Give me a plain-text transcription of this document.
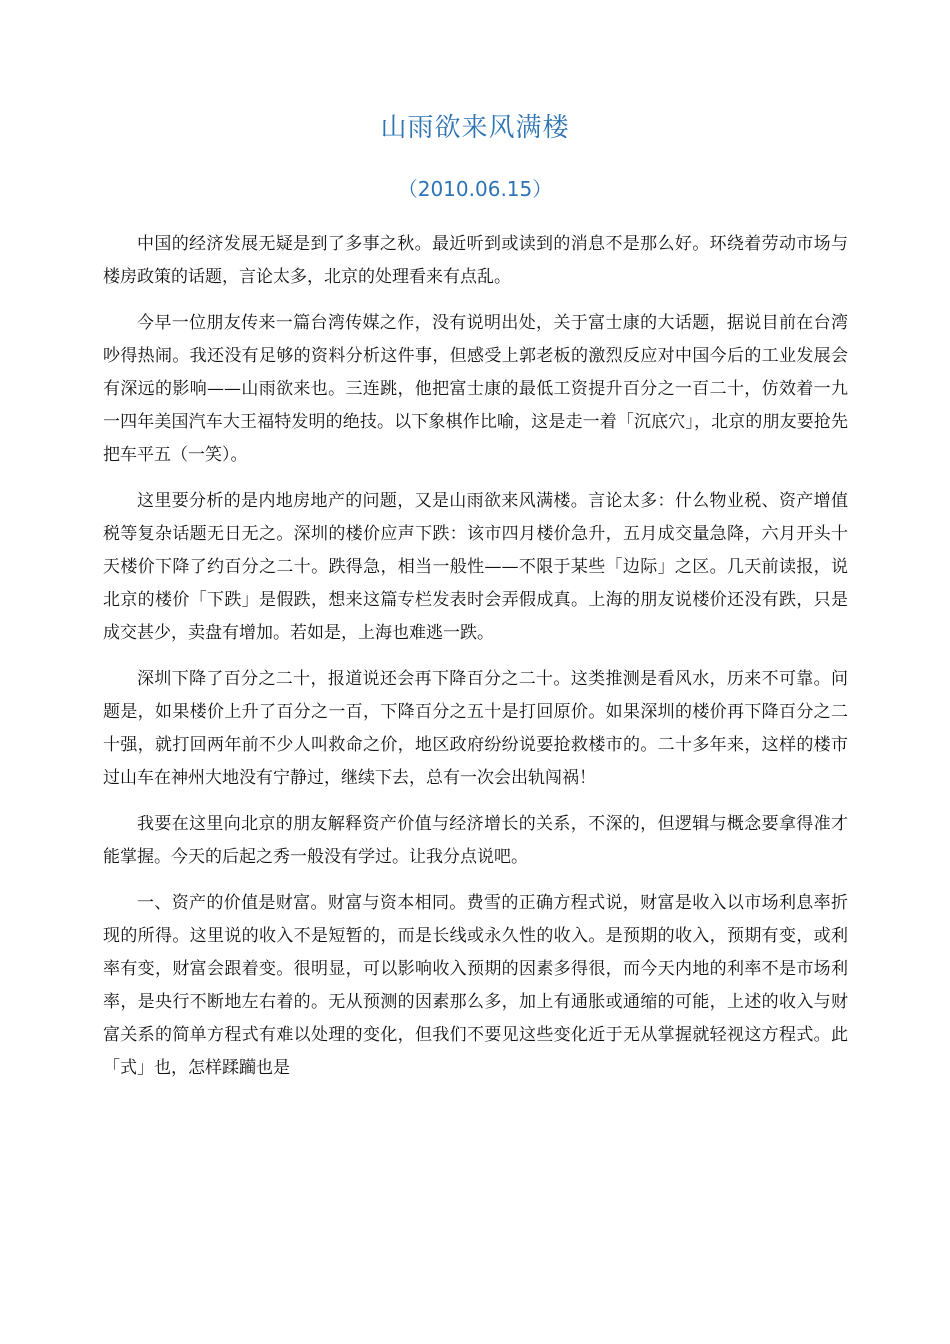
山雨欲来风满楼
（2010.06.15）

中国的经济发展无疑是到了多事之秋。最近听到或读到的消息不是那么好。环绕着劳动市场与楼房政策的话题，言论太多，北京的处理看来有点乱。

今早一位朋友传来一篇台湾传媒之作，没有说明出处，关于富士康的大话题，据说目前在台湾吵得热闹。我还没有足够的资料分析这件事，但感受上郭老板的激烈反应对中国今后的工业发展会有深远的影响——山雨欲来也。三连跳，他把富士康的最低工资提升百分之一百二十，仿效着一九一四年美国汽车大王福特发明的绝技。以下象棋作比喻，这是走一着「沉底穴」，北京的朋友要抢先把车平五（一笑）。

这里要分析的是内地房地产的问题，又是山雨欲来风满楼。言论太多：什么物业税、资产增值税等复杂话题无日无之。深圳的楼价应声下跌：该市四月楼价急升，五月成交量急降，六月开头十天楼价下降了约百分之二十。跌得急，相当一般性——不限于某些「边际」之区。几天前读报，说北京的楼价「下跌」是假跌，想来这篇专栏发表时会弄假成真。上海的朋友说楼价还没有跌，只是成交甚少，卖盘有增加。若如是，上海也难逃一跌。

深圳下降了百分之二十，报道说还会再下降百分之二十。这类推测是看风水，历来不可靠。问题是，如果楼价上升了百分之一百，下降百分之五十是打回原价。如果深圳的楼价再下降百分之二十强，就打回两年前不少人叫救命之价，地区政府纷纷说要抢救楼市的。二十多年来，这样的楼市过山车在神州大地没有宁静过，继续下去，总有一次会出轨闯祸！

我要在这里向北京的朋友解释资产价值与经济增长的关系，不深的，但逻辑与概念要拿得准才能掌握。今天的后起之秀一般没有学过。让我分点说吧。

一、资产的价值是财富。财富与资本相同。费雪的正确方程式说，财富是收入以市场利息率折现的所得。这里说的收入不是短暂的，而是长线或永久性的收入。是预期的收入，预期有变，或利率有变，财富会跟着变。很明显，可以影响收入预期的因素多得很，而今天内地的利率不是市场利率，是央行不断地左右着的。无从预测的因素那么多，加上有通胀或通缩的可能，上述的收入与财富关系的简单方程式有难以处理的变化，但我们不要见这些变化近于无从掌握就轻视这方程式。此「式」也，怎样蹂躏也是
